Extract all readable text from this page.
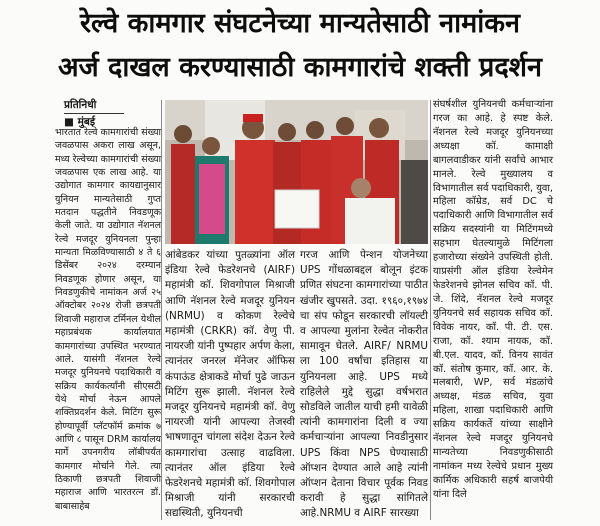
रेल्वे कामगार संघटनेच्या मान्यतेसाठी नामांकन
अर्ज दाखल करण्यासाठी कामगारांचे शक्ती प्रदर्शन
प्रतिनिधी
■ मुंबई

भारतात रेल्वे कामगारांची संख्या जवळपास अकरा लाख असून, मध्य रेल्वेच्या कामगारांची संख्या जवळपास एक लाख आहे. या उद्योगात कामगार कायद्यानुसार युनियन मान्यतेसाठी गुप्त मतदान पद्धतीने निवडणूक केली जाते. या उद्योगात नॅशनल रेल्वे मजदूर युनियनला पुन्हा मान्यता मिळविण्यासाठी ४ ते ६ डिसेंबर २०२४ दरम्यान निवडणूक होणार असून, या निवडणुकीचे नामांकन अर्ज २५ ऑक्टोबर २०२४ रोजी छत्रपती शिवाजी महाराज टर्मिनल येथील महाप्रबंधक कार्यालयात कामगारांच्या उपस्थित भरण्यात आले. यासंगी नॅशनल रेल्वे मजदूर युनियनचे पदाधिकारी व सक्रिय कार्यकर्त्यांनी सीएसटी येथे मोर्चा नेऊन आपले शक्तिप्रदर्शन केले. मिटिंग सुरू होण्यापूर्वी प्लॅटफॉर्म क्रमांक ७ आणि ८ पासून DRM कार्यालय मार्गे उपनगरीय लॉबीपर्यंत कामगार मोर्चाने गेले. त्या ठिकाणी छत्रपती शिवाजी महाराज आणि भारतरत्न डॉ. बाबासाहेब

आंबेडकर यांच्या पुतळ्यांना ऑल इंडिया रेल्वे फेडरेशनचे (AIRF) महामंत्री कॉ. शिवगोपाल मिश्राजी आणि नॅशनल रेल्वे मजदूर युनियन (NRMU) व कोकण रेल्वेचे महामंत्री (CRKR) कॉ. वेणु पी. नायरजी यांनी पुष्पहार अर्पण केला, त्यानंतर जनरल मॅनेजर ऑफिस कंपाऊंड क्षेत्राकडे मोर्चा पुढे जाऊन मिटिंग सुरू झाली. नॅशनल रेल्वे मजदूर युनियनचे महामंत्री कॉ. वेणु नायरजी यांनी आपल्या तेजस्वी भाषणातून चांगला संदेश देऊन रेल्वे कामगारांचा उत्साह वाढविला. त्यानंतर ऑल इंडिया रेल्वे फेडरेशनचे महामंत्री कॉ. शिवगोपाल मिश्राजी यांनी सरकारची सद्यस्थिती, युनियनची

गरज आणि पेन्शन योजनेच्या UPS गोंधळाबद्दल बोलून इंटक प्रणित संघटना कामगारांच्या पाठीत खंजीर खुपसते. उदा. १९६०,१९७४ चा संप फोडून सरकारची लॉयल्टी व आपल्या मुलांना रेल्वेत नोकरीत सामावून घेतले. AIRF/ NRMU ला 100 वर्षांचा इतिहास या युनियनला आहे. UPS मध्ये राहिलेले मुद्दे सुद्धा वर्षभरात सोडविले जातील याची हमी यावेळी त्यांनी कामगारांना दिली व ज्या कर्मचाऱ्यांना आपल्या निवडीनुसार UPS किंवा NPS घेण्यासाठी ऑप्शन देण्यात आले आहे त्यांनी ऑप्शन देताना विचार पूर्वक निवड करावी हे सुद्धा सांगितले आहे.NRMU व AIRF सारख्या

संघर्षशील युनियनची कर्मचाऱ्यांना गरज का आहे. हे स्पष्ट केले. नॅशनल रेल्वे मजदूर युनियनच्या अध्यक्षा कॉ. कामाक्षी बागलवाडीकर यांनी सर्वांचे आभार मानले. रेल्वे मुख्यालय व विभागातील सर्व पदाधिकारी, युवा, महिला कॉम्रेड, सर्व DC चे पदाधिकारी आणि विभागातील सर्व सक्रिय सदस्यांनी या मिटिंगमध्ये सहभाग घेतल्यामुळे मिटिंगला हजारोच्या संख्येने उपस्थिती होती. याप्रसंगी ऑल इंडिया रेल्वेमेन फेडरेशनचे झोनल सचिव कॉ. पी. जे. शिंदे, नॅशनल रेल्वे मजदूर युनियनचे सर्व सहायक सचिव कॉ. विवेक नायर, कॉ. पी. टी. एस. राजा, कॉ. श्याम नायक, कॉ. बी.एल. यादव, कॉ. विनय सावंत कॉ. संतोष कुमार, कॉ. आर. के. मलबारी, WP, सर्व मंडळांचे अध्यक्ष, मंडळ सचिव, युवा महिला, शाखा पदाधिकारी आणि सक्रिय कार्यकर्ते यांच्या साक्षीने नॅशनल रेल्वे मजदूर युनियनचे मान्यतेच्या निवडणुकीसाठी नामांकन मध्य रेल्वेचे प्रधान मुख्य कार्मिक अधिकारी सहर्ष बाजपेयी यांना दिले
